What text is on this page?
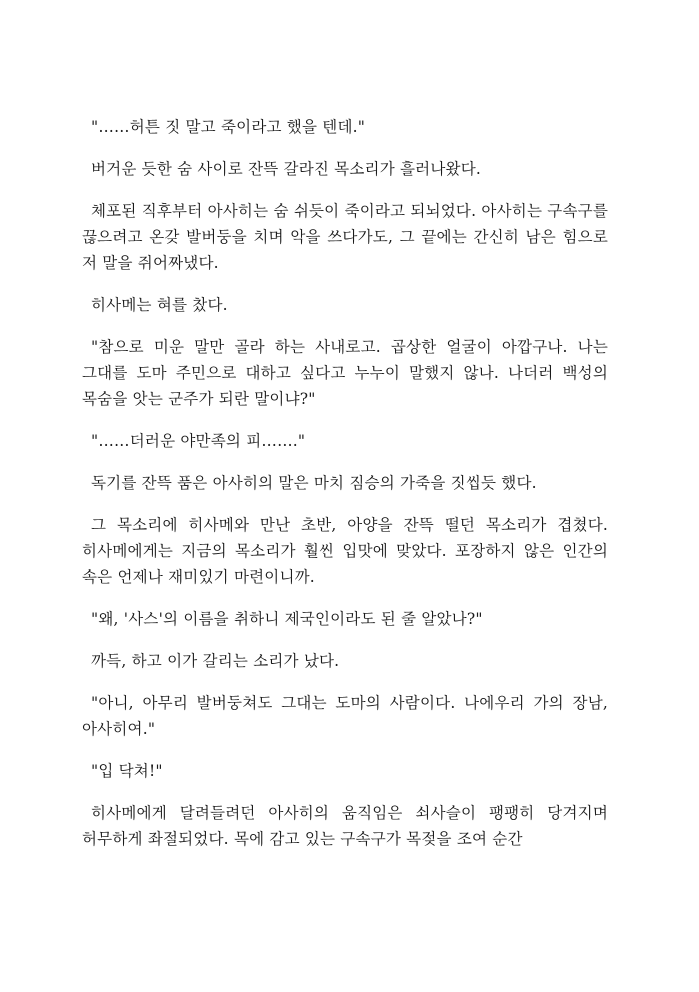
"……허튼 짓 말고 죽이라고 했을 텐데."

버거운 듯한 숨 사이로 잔뜩 갈라진 목소리가 흘러나왔다.

체포된 직후부터 아사히는 숨 쉬듯이 죽이라고 되뇌었다. 아사히는 구속구를 끊으려고 온갖 발버둥을 치며 악을 쓰다가도, 그 끝에는 간신히 남은 힘으로 저 말을 쥐어짜냈다.

히사메는 혀를 찼다.

"참으로 미운 말만 골라 하는 사내로고. 곱상한 얼굴이 아깝구나. 나는 그대를 도마 주민으로 대하고 싶다고 누누이 말했지 않나. 나더러 백성의 목숨을 앗는 군주가 되란 말이냐?"

"……더러운 야만족의 피……."

독기를 잔뜩 품은 아사히의 말은 마치 짐승의 가죽을 짓씹듯 했다.

그 목소리에 히사메와 만난 초반, 아양을 잔뜩 떨던 목소리가 겹쳤다. 히사메에게는 지금의 목소리가 훨씬 입맛에 맞았다. 포장하지 않은 인간의 속은 언제나 재미있기 마련이니까.

"왜, '사스'의 이름을 취하니 제국인이라도 된 줄 알았나?"

까득, 하고 이가 갈리는 소리가 났다.

"아니, 아무리 발버둥쳐도 그대는 도마의 사람이다. 나에우리 가의 장남, 아사히여."

"입 닥쳐!"

히사메에게 달려들려던 아사히의 움직임은 쇠사슬이 팽팽히 당겨지며 허무하게 좌절되었다. 목에 감고 있는 구속구가 목젖을 조여 순간
